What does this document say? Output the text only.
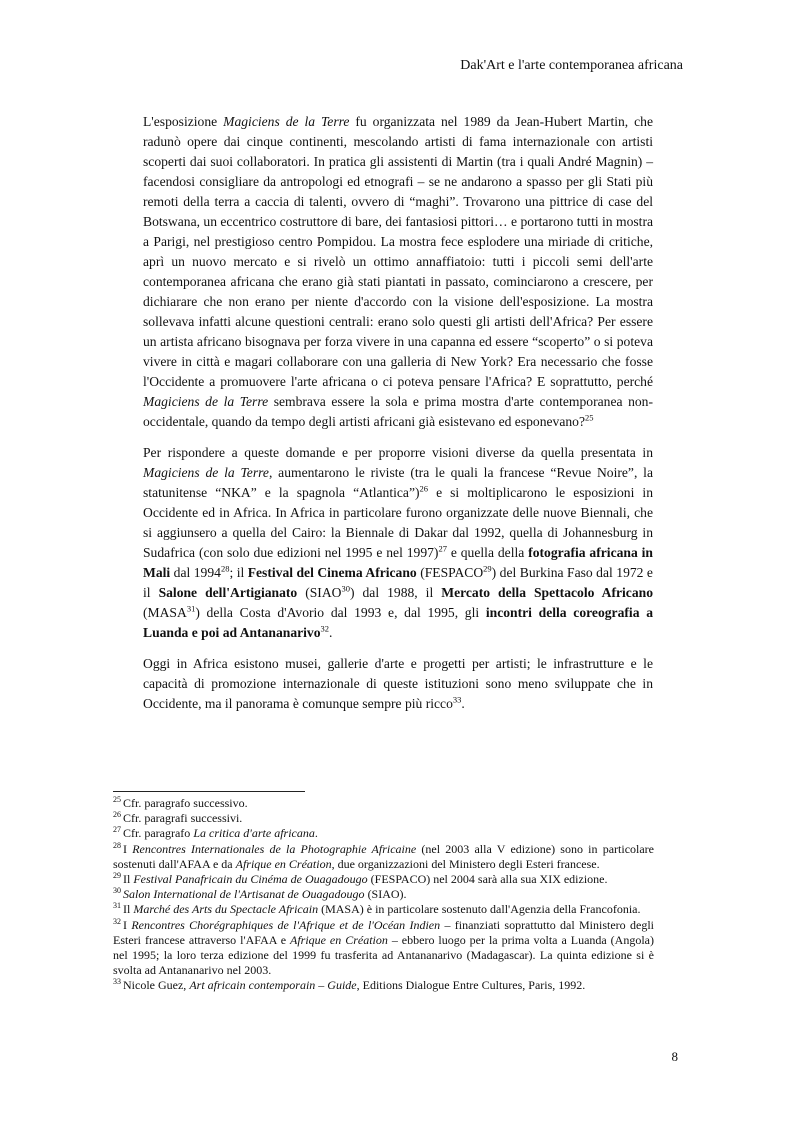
Dak'Art e l'arte contemporanea africana

L'esposizione Magiciens de la Terre fu organizzata nel 1989 da Jean-Hubert Martin, che radunò opere dai cinque continenti, mescolando artisti di fama internazionale con artisti scoperti dai suoi collaboratori. In pratica gli assistenti di Martin (tra i quali André Magnin) – facendosi consigliare da antropologi ed etnografi – se ne andarono a spasso per gli Stati più remoti della terra a caccia di talenti, ovvero di “maghi”. Trovarono una pittrice di case del Botswana, un eccentrico costruttore di bare, dei fantasiosi pittori… e portarono tutti in mostra a Parigi, nel prestigioso centro Pompidou. La mostra fece esplodere una miriade di critiche, aprì un nuovo mercato e si rivelò un ottimo annaffiatoio: tutti i piccoli semi dell'arte contemporanea africana che erano già stati piantati in passato, cominciarono a crescere, per dichiarare che non erano per niente d'accordo con la visione dell'esposizione. La mostra sollevava infatti alcune questioni centrali: erano solo questi gli artisti dell'Africa? Per essere un artista africano bisognava per forza vivere in una capanna ed essere “scoperto” o si poteva vivere in città e magari collaborare con una galleria di New York? Era necessario che fosse l'Occidente a promuovere l'arte africana o ci poteva pensare l'Africa? E soprattutto, perché Magiciens de la Terre sembrava essere la sola e prima mostra d'arte contemporanea non-occidentale, quando da tempo degli artisti africani già esistevano ed esponevano?$^{25}$

Per rispondere a queste domande e per proporre visioni diverse da quella presentata in Magiciens de la Terre, aumentarono le riviste (tra le quali la francese “Revue Noire”, la statunitense “NKA” e la spagnola “Atlantica”)$^{26}$ e si moltiplicarono le esposizioni in Occidente ed in Africa. In Africa in particolare furono organizzate delle nuove Biennali, che si aggiunsero a quella del Cairo: la Biennale di Dakar dal 1992, quella di Johannesburg in Sudafrica (con solo due edizioni nel 1995 e nel 1997)$^{27}$ e quella della fotografia africana in Mali dal 1994$^{28}$; il Festival del Cinema Africano (FESPACO$^{29}$) del Burkina Faso dal 1972 e il Salone dell'Artigianato (SIAO$^{30}$) dal 1988, il Mercato della Spettacolo Africano (MASA$^{31}$) della Costa d'Avorio dal 1993 e, dal 1995, gli incontri della coreografia a Luanda e poi ad Antananarivo$^{32}$.

Oggi in Africa esistono musei, gallerie d'arte e progetti per artisti; le infrastrutture e le capacità di promozione internazionale di queste istituzioni sono meno sviluppate che in Occidente, ma il panorama è comunque sempre più ricco$^{33}$.

$^{25}$ Cfr. paragrafo successivo.

$^{26}$ Cfr. paragrafi successivi.

$^{27}$ Cfr. paragrafo La critica d'arte africana.

$^{28}$ I Rencontres Internationales de la Photographie Africaine (nel 2003 alla V edizione) sono in particolare sostenuti dall'AFAA e da Afrique en Création, due organizzazioni del Ministero degli Esteri francese.

$^{29}$ Il Festival Panafricain du Cinéma de Ouagadougo (FESPACO) nel 2004 sarà alla sua XIX edizione.

$^{30}$ Salon International de l'Artisanat de Ouagadougo (SIAO).

$^{31}$ Il Marché des Arts du Spectacle Africain (MASA) è in particolare sostenuto dall'Agenzia della Francofonia.

$^{32}$ I Rencontres Chorégraphiques de l'Afrique et de l'Océan Indien – finanziati soprattutto dal Ministero degli Esteri francese attraverso l'AFAA e Afrique en Création – ebbero luogo per la prima volta a Luanda (Angola) nel 1995; la loro terza edizione del 1999 fu trasferita ad Antananarivo (Madagascar). La quinta edizione si è svolta ad Antananarivo nel 2003.

$^{33}$ Nicole Guez, Art africain contemporain – Guide, Editions Dialogue Entre Cultures, Paris, 1992.

8
